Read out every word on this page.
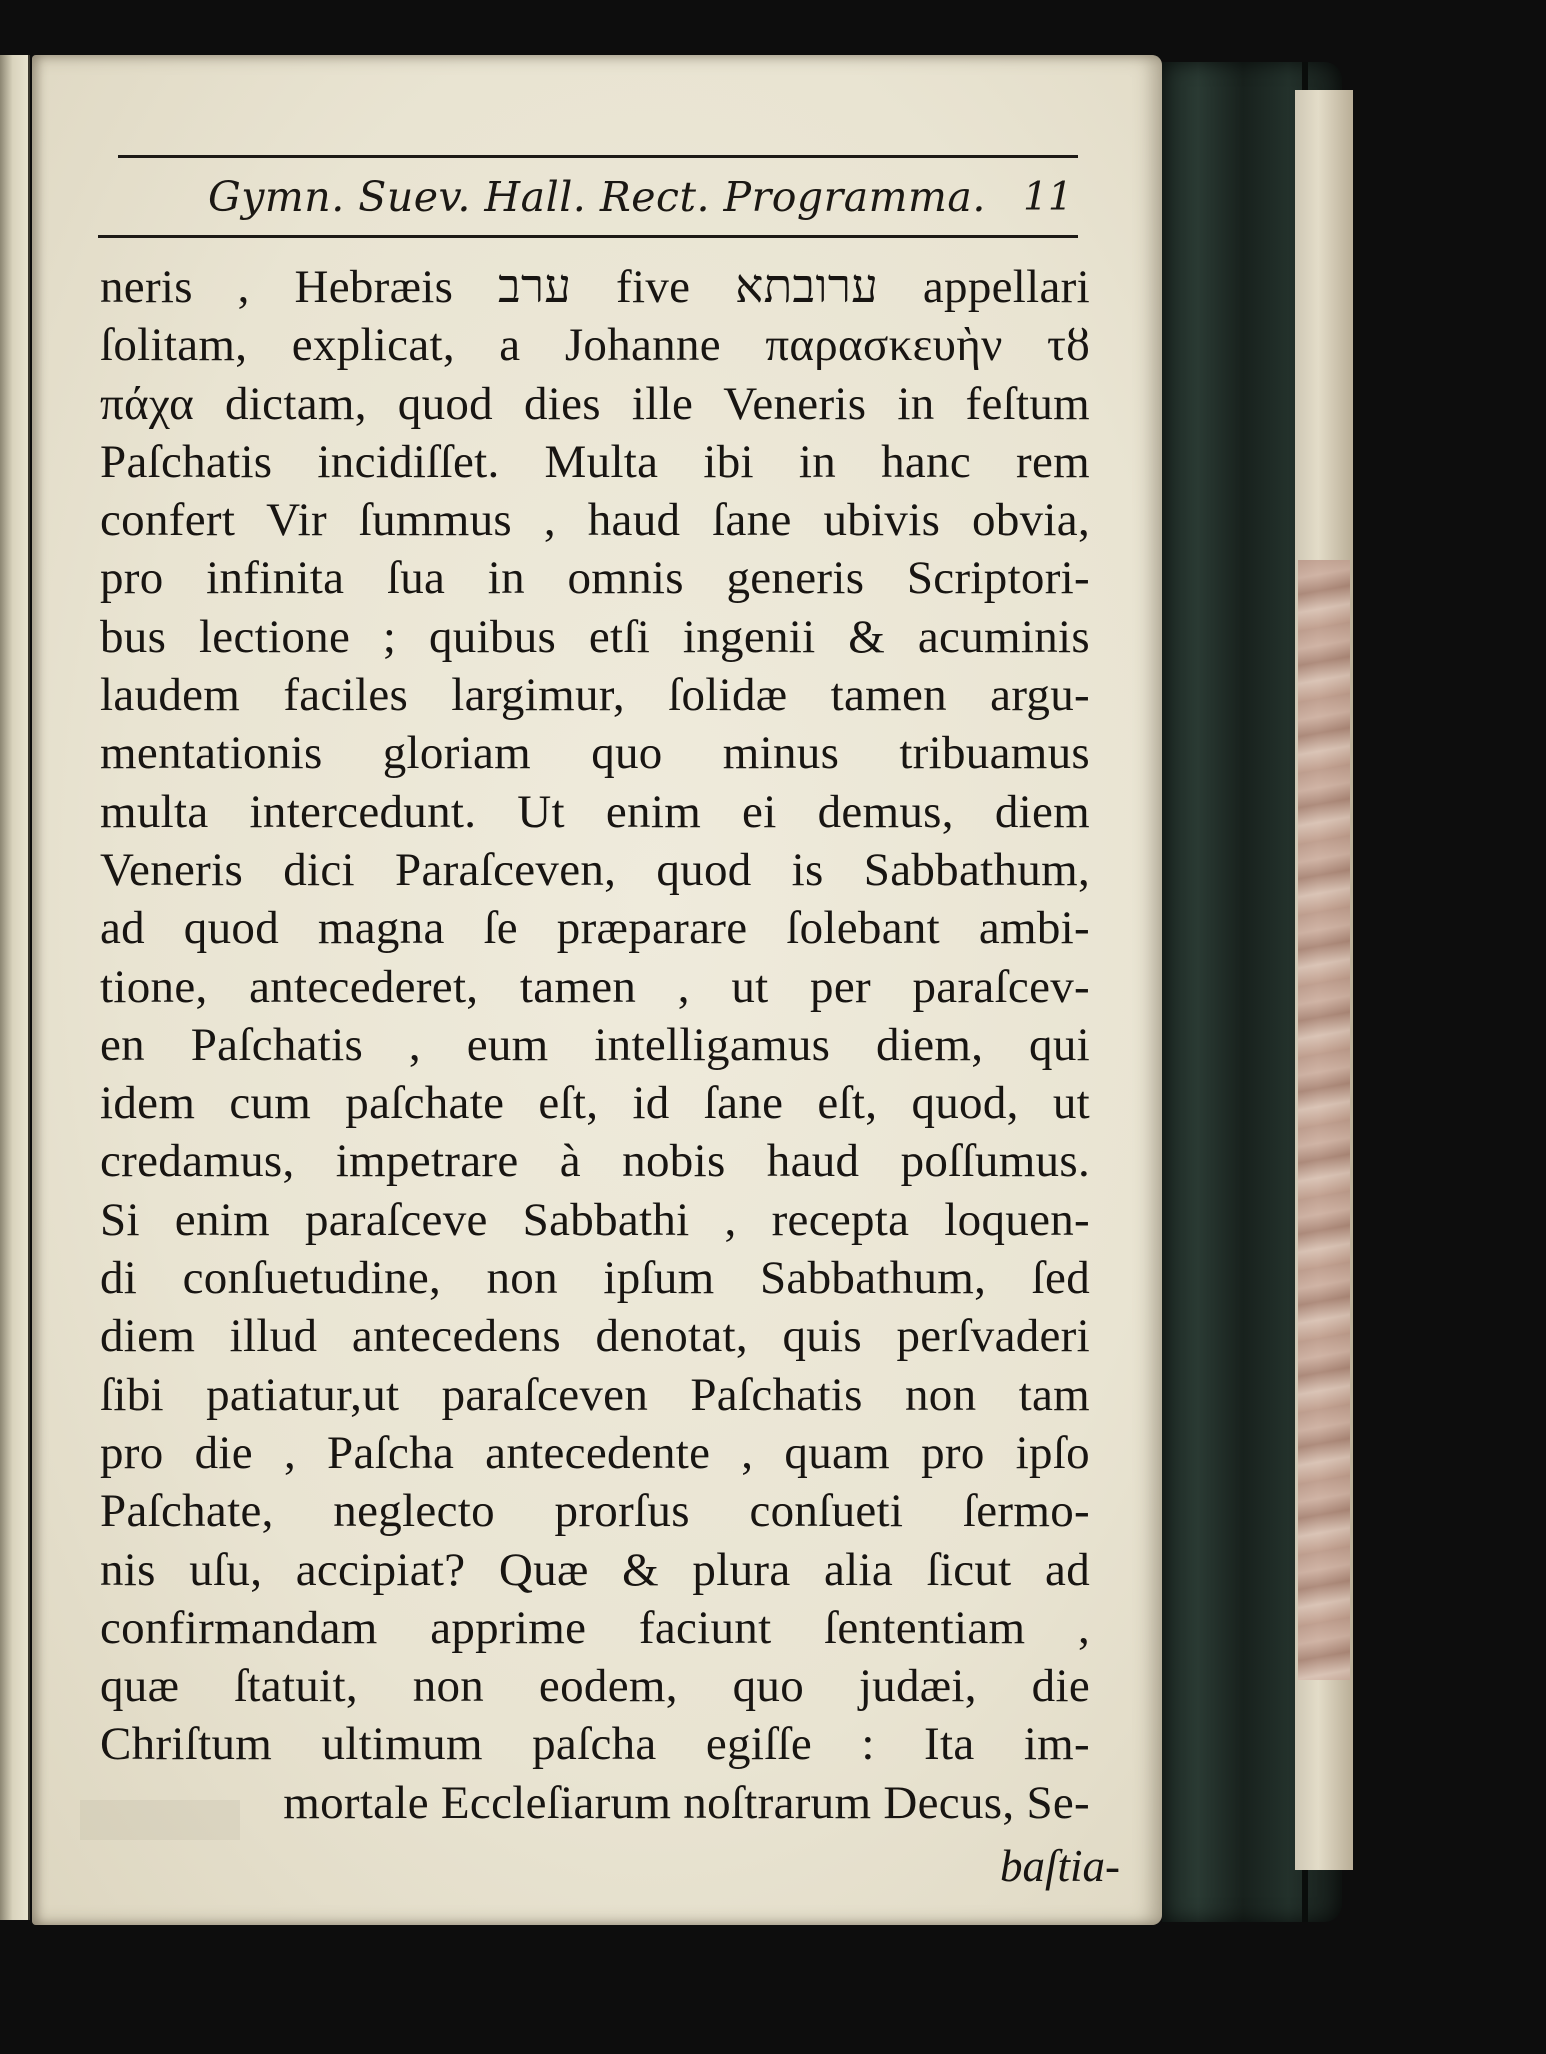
Gymn. Suev. Hall. Rect. Programma. 11
neris , Hebræis ערב five ערובתא appellari
ſolitam, explicat, a Johanne παρασκευὴν τȣ
πάχα dictam, quod dies ille Veneris in feſtum
Paſchatis incidiſſet. Multa ibi in hanc rem
confert Vir ſummus , haud ſane ubivis obvia,
pro infinita ſua in omnis generis Scriptori-
bus lectione ; quibus etſi ingenii & acuminis
laudem faciles largimur, ſolidæ tamen argu-
mentationis gloriam quo minus tribuamus
multa intercedunt. Ut enim ei demus, diem
Veneris dici Paraſceven, quod is Sabbathum,
ad quod magna ſe præparare ſolebant ambi-
tione, antecederet, tamen , ut per paraſcev-
en Paſchatis , eum intelligamus diem, qui
idem cum paſchate eſt, id ſane eſt, quod, ut
credamus, impetrare à nobis haud poſſumus.
Si enim paraſceve Sabbathi , recepta loquen-
di conſuetudine, non ipſum Sabbathum, ſed
diem illud antecedens denotat, quis perſvaderi
ſibi patiatur,ut paraſceven Paſchatis non tam
pro die , Paſcha antecedente , quam pro ipſo
Paſchate, neglecto prorſus conſueti ſermo-
nis uſu, accipiat? Quæ & plura alia ſicut ad
confirmandam apprime faciunt ſententiam ,
quæ ſtatuit, non eodem, quo judæi, die
Chriſtum ultimum paſcha egiſſe : Ita im-
mortale Eccleſiarum noſtrarum Decus, Se-
baſtia-
